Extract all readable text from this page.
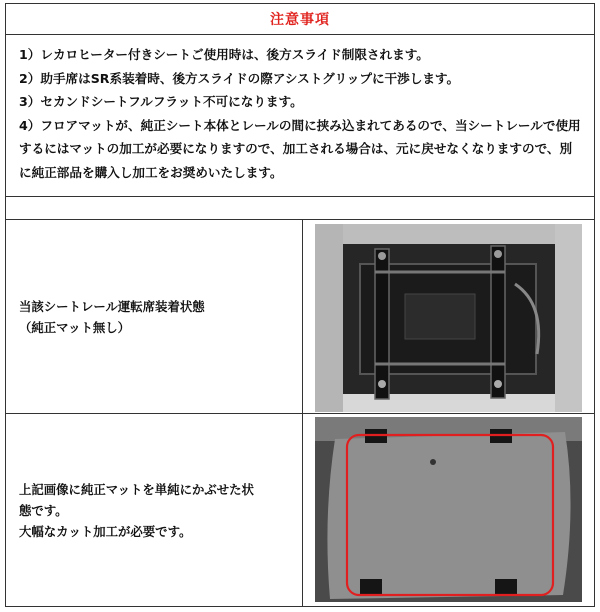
注意事項
1）レカロヒーター付きシートご使用時は、後方スライド制限されます。
2）助手席はSR系装着時、後方スライドの際アシストグリップに干渉します。
3）セカンドシートフルフラット不可になります。
4）フロアマットが、純正シート本体とレールの間に挟み込まれてあるので、当シートレールで使用するにはマットの加工が必要になりますので、加工される場合は、元に戻せなくなりますので、別に純正部品を購入し加工をお奨めいたします。
当該シートレール運転席装着状態
（純正マット無し）
上記画像に純正マットを単純にかぶせた状
態です。
大幅なカット加工が必要です。
